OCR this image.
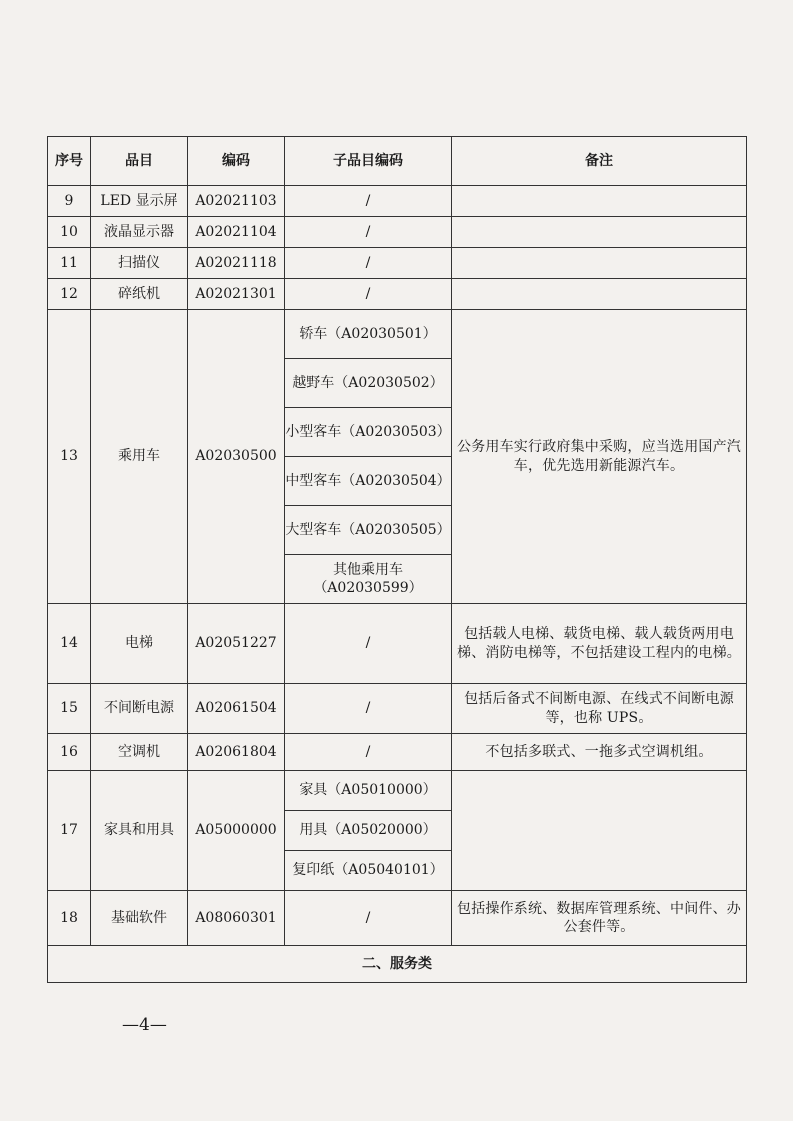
序号	品目	编码	子品目编码	备注
9	LED 显示屏	A02021103	/	
10	液晶显示器	A02021104	/	
11	扫描仪	A02021118	/	
12	碎纸机	A02021301	/	
13	乘用车	A02030500	轿车（A02030501）	公务用车实行政府集中采购，应当选用国产汽车，优先选用新能源汽车。
			越野车（A02030502）	
			小型客车（A02030503）	
			中型客车（A02030504）	
			大型客车（A02030505）	
			其他乘用车（A02030599）	
14	电梯	A02051227	/	包括载人电梯、载货电梯、载人载货两用电梯、消防电梯等，不包括建设工程内的电梯。
15	不间断电源	A02061504	/	包括后备式不间断电源、在线式不间断电源等，也称 UPS。
16	空调机	A02061804	/	不包括多联式、一拖多式空调机组。
17	家具和用具	A05000000	家具（A05010000）	
			用具（A05020000）	
			复印纸（A05040101）	
18	基础软件	A08060301	/	包括操作系统、数据库管理系统、中间件、办公套件等。
二、服务类				
—4—
